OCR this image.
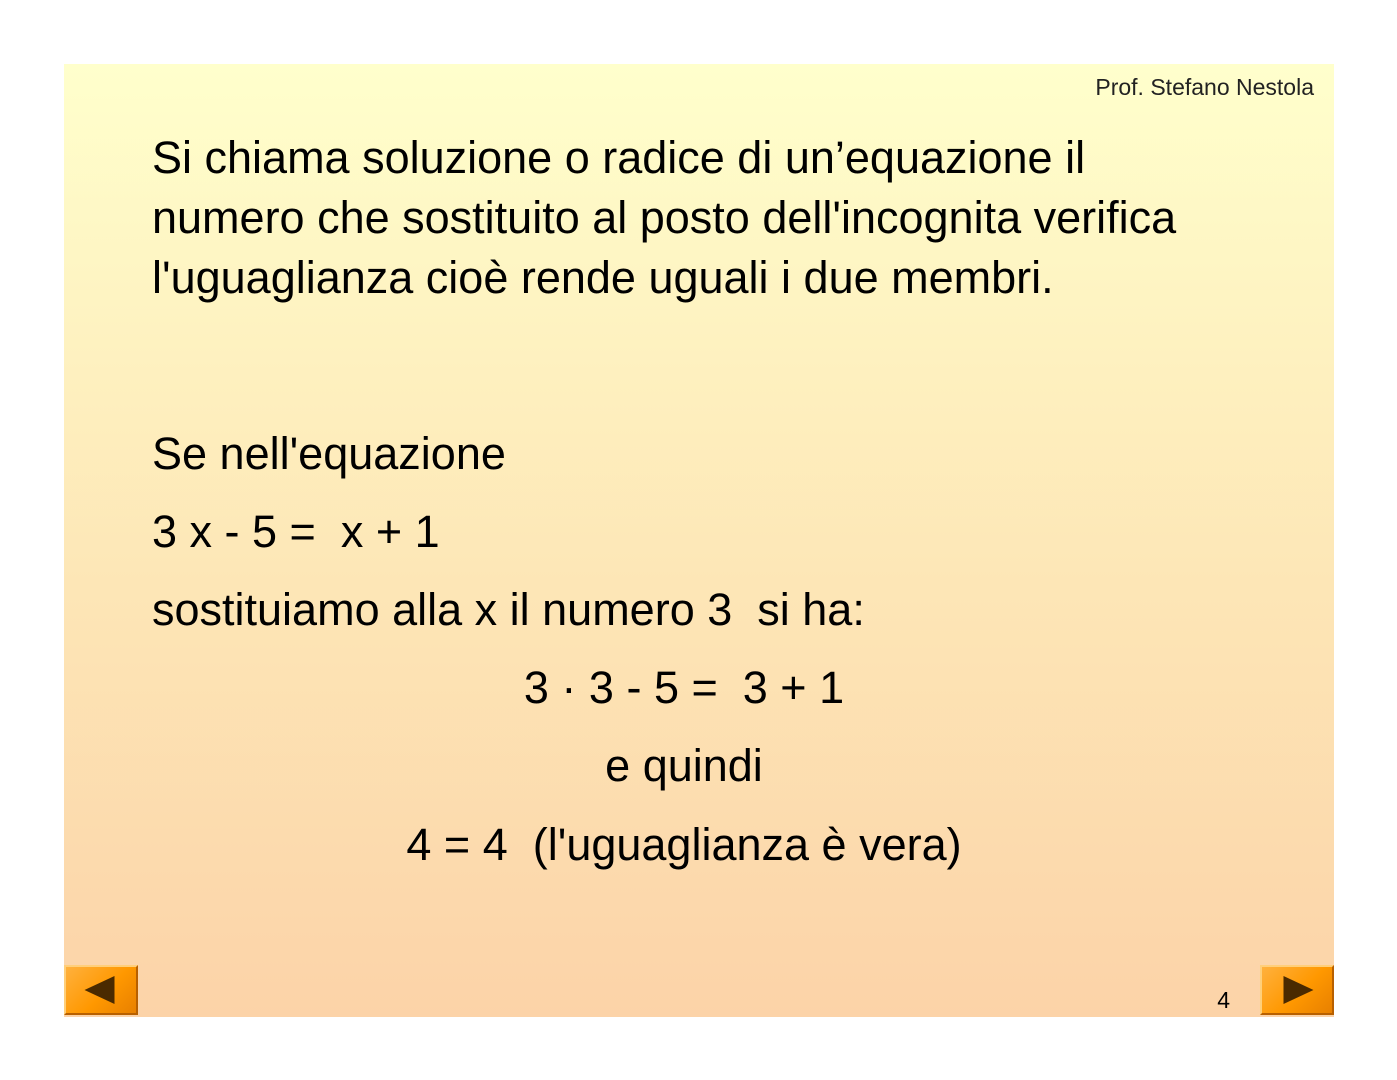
Prof. Stefano Nestola

Si chiama soluzione o radice di un’equazione il numero che sostituito al posto dell'incognita verifica l'uguaglianza cioè rende uguali i due membri.

Se nell'equazione
3 x - 5 =  x + 1
sostituiamo alla x il numero 3  si ha:
3 · 3 - 5 =  3 + 1
e quindi
4 = 4  (l'uguaglianza è vera)
4
